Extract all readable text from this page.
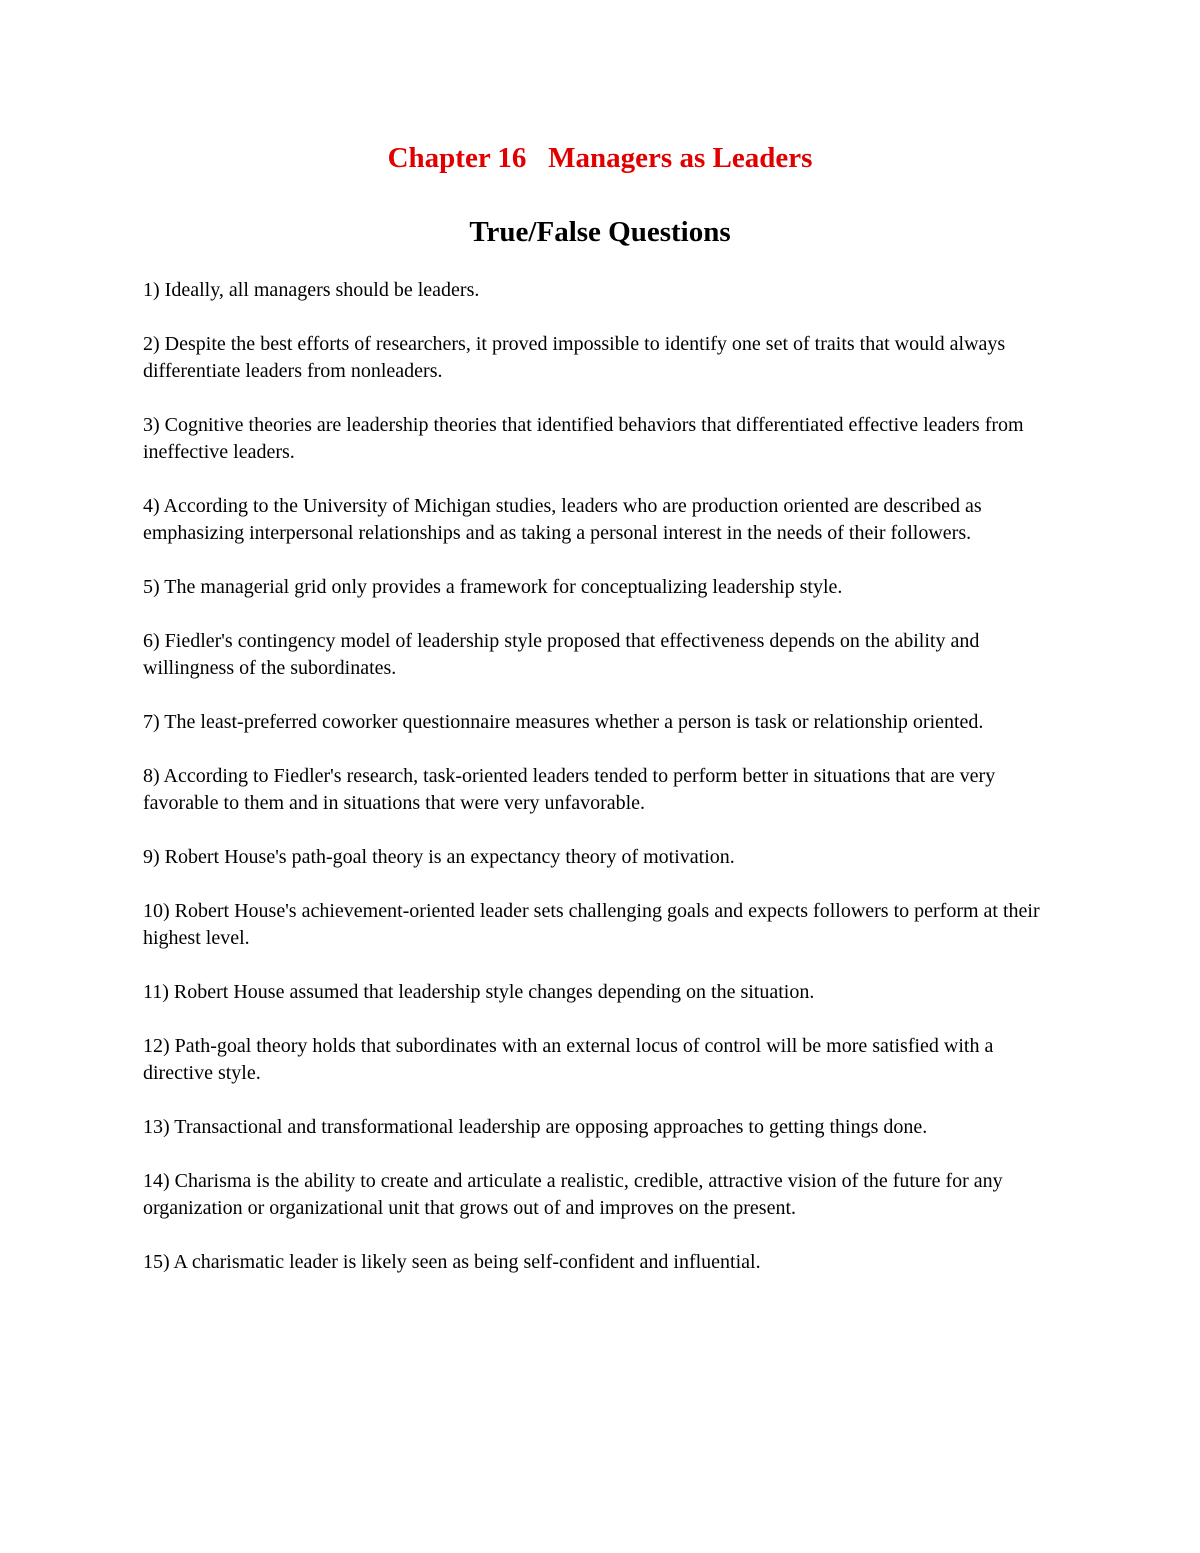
Chapter 16   Managers as Leaders
True/False Questions
1) Ideally, all managers should be leaders.
2) Despite the best efforts of researchers, it proved impossible to identify one set of traits that would always differentiate leaders from nonleaders.
3) Cognitive theories are leadership theories that identified behaviors that differentiated effective leaders from ineffective leaders.
4) According to the University of Michigan studies, leaders who are production oriented are described as emphasizing interpersonal relationships and as taking a personal interest in the needs of their followers.
5) The managerial grid only provides a framework for conceptualizing leadership style.
6) Fiedler's contingency model of leadership style proposed that effectiveness depends on the ability and willingness of the subordinates.
7) The least-preferred coworker questionnaire measures whether a person is task or relationship oriented.
8) According to Fiedler's research, task-oriented leaders tended to perform better in situations that are very favorable to them and in situations that were very unfavorable.
9) Robert House's path-goal theory is an expectancy theory of motivation.
10) Robert House's achievement-oriented leader sets challenging goals and expects followers to perform at their highest level.
11) Robert House assumed that leadership style changes depending on the situation.
12) Path-goal theory holds that subordinates with an external locus of control will be more satisfied with a directive style.
13) Transactional and transformational leadership are opposing approaches to getting things done.
14) Charisma is the ability to create and articulate a realistic, credible, attractive vision of the future for any organization or organizational unit that grows out of and improves on the present.
15) A charismatic leader is likely seen as being self-confident and influential.
